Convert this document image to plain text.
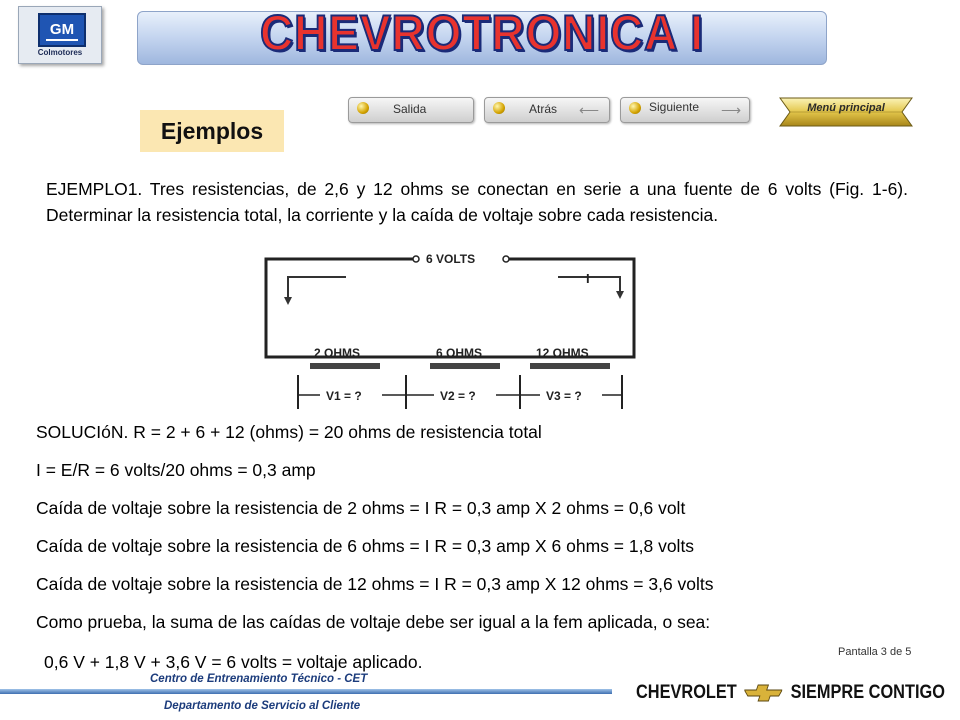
GM
Colmotores	CHEVROTRONICA I
Salida	Atrás ⟵	Siguiente ⟶	Menú principal
Ejemplos
EJEMPLO1. Tres resistencias, de 2,6 y 12 ohms se conectan en serie a una fuente de 6 volts (Fig. 1-6). Determinar la resistencia total, la corriente y la caída de voltaje sobre cada resistencia.
6 VOLTS
I
2 OHMS	6 OHMS	12 OHMS
V1 = ?	V2 = ?	V3 = ?
SOLUCIóN. R = 2 + 6 + 12 (ohms) = 20 ohms de resistencia total
I = E/R = 6 volts/20 ohms = 0,3 amp
Caída de voltaje sobre la resistencia de 2 ohms = I R = 0,3 amp X 2 ohms = 0,6 volt
Caída de voltaje sobre la resistencia de 6 ohms = I R = 0,3 amp X 6 ohms = 1,8 volts
Caída de voltaje sobre la resistencia de 12 ohms = I R = 0,3 amp X 12 ohms = 3,6 volts
Como prueba, la suma de las caídas de voltaje debe ser igual a la fem aplicada, o sea:
0,6 V + 1,8 V + 3,6 V = 6 volts = voltaje aplicado.	Pantalla 3 de 5
Centro de Entrenamiento Técnico - CET
Departamento de Servicio al Cliente
CHEVROLET	SIEMPRE CONTIGO
